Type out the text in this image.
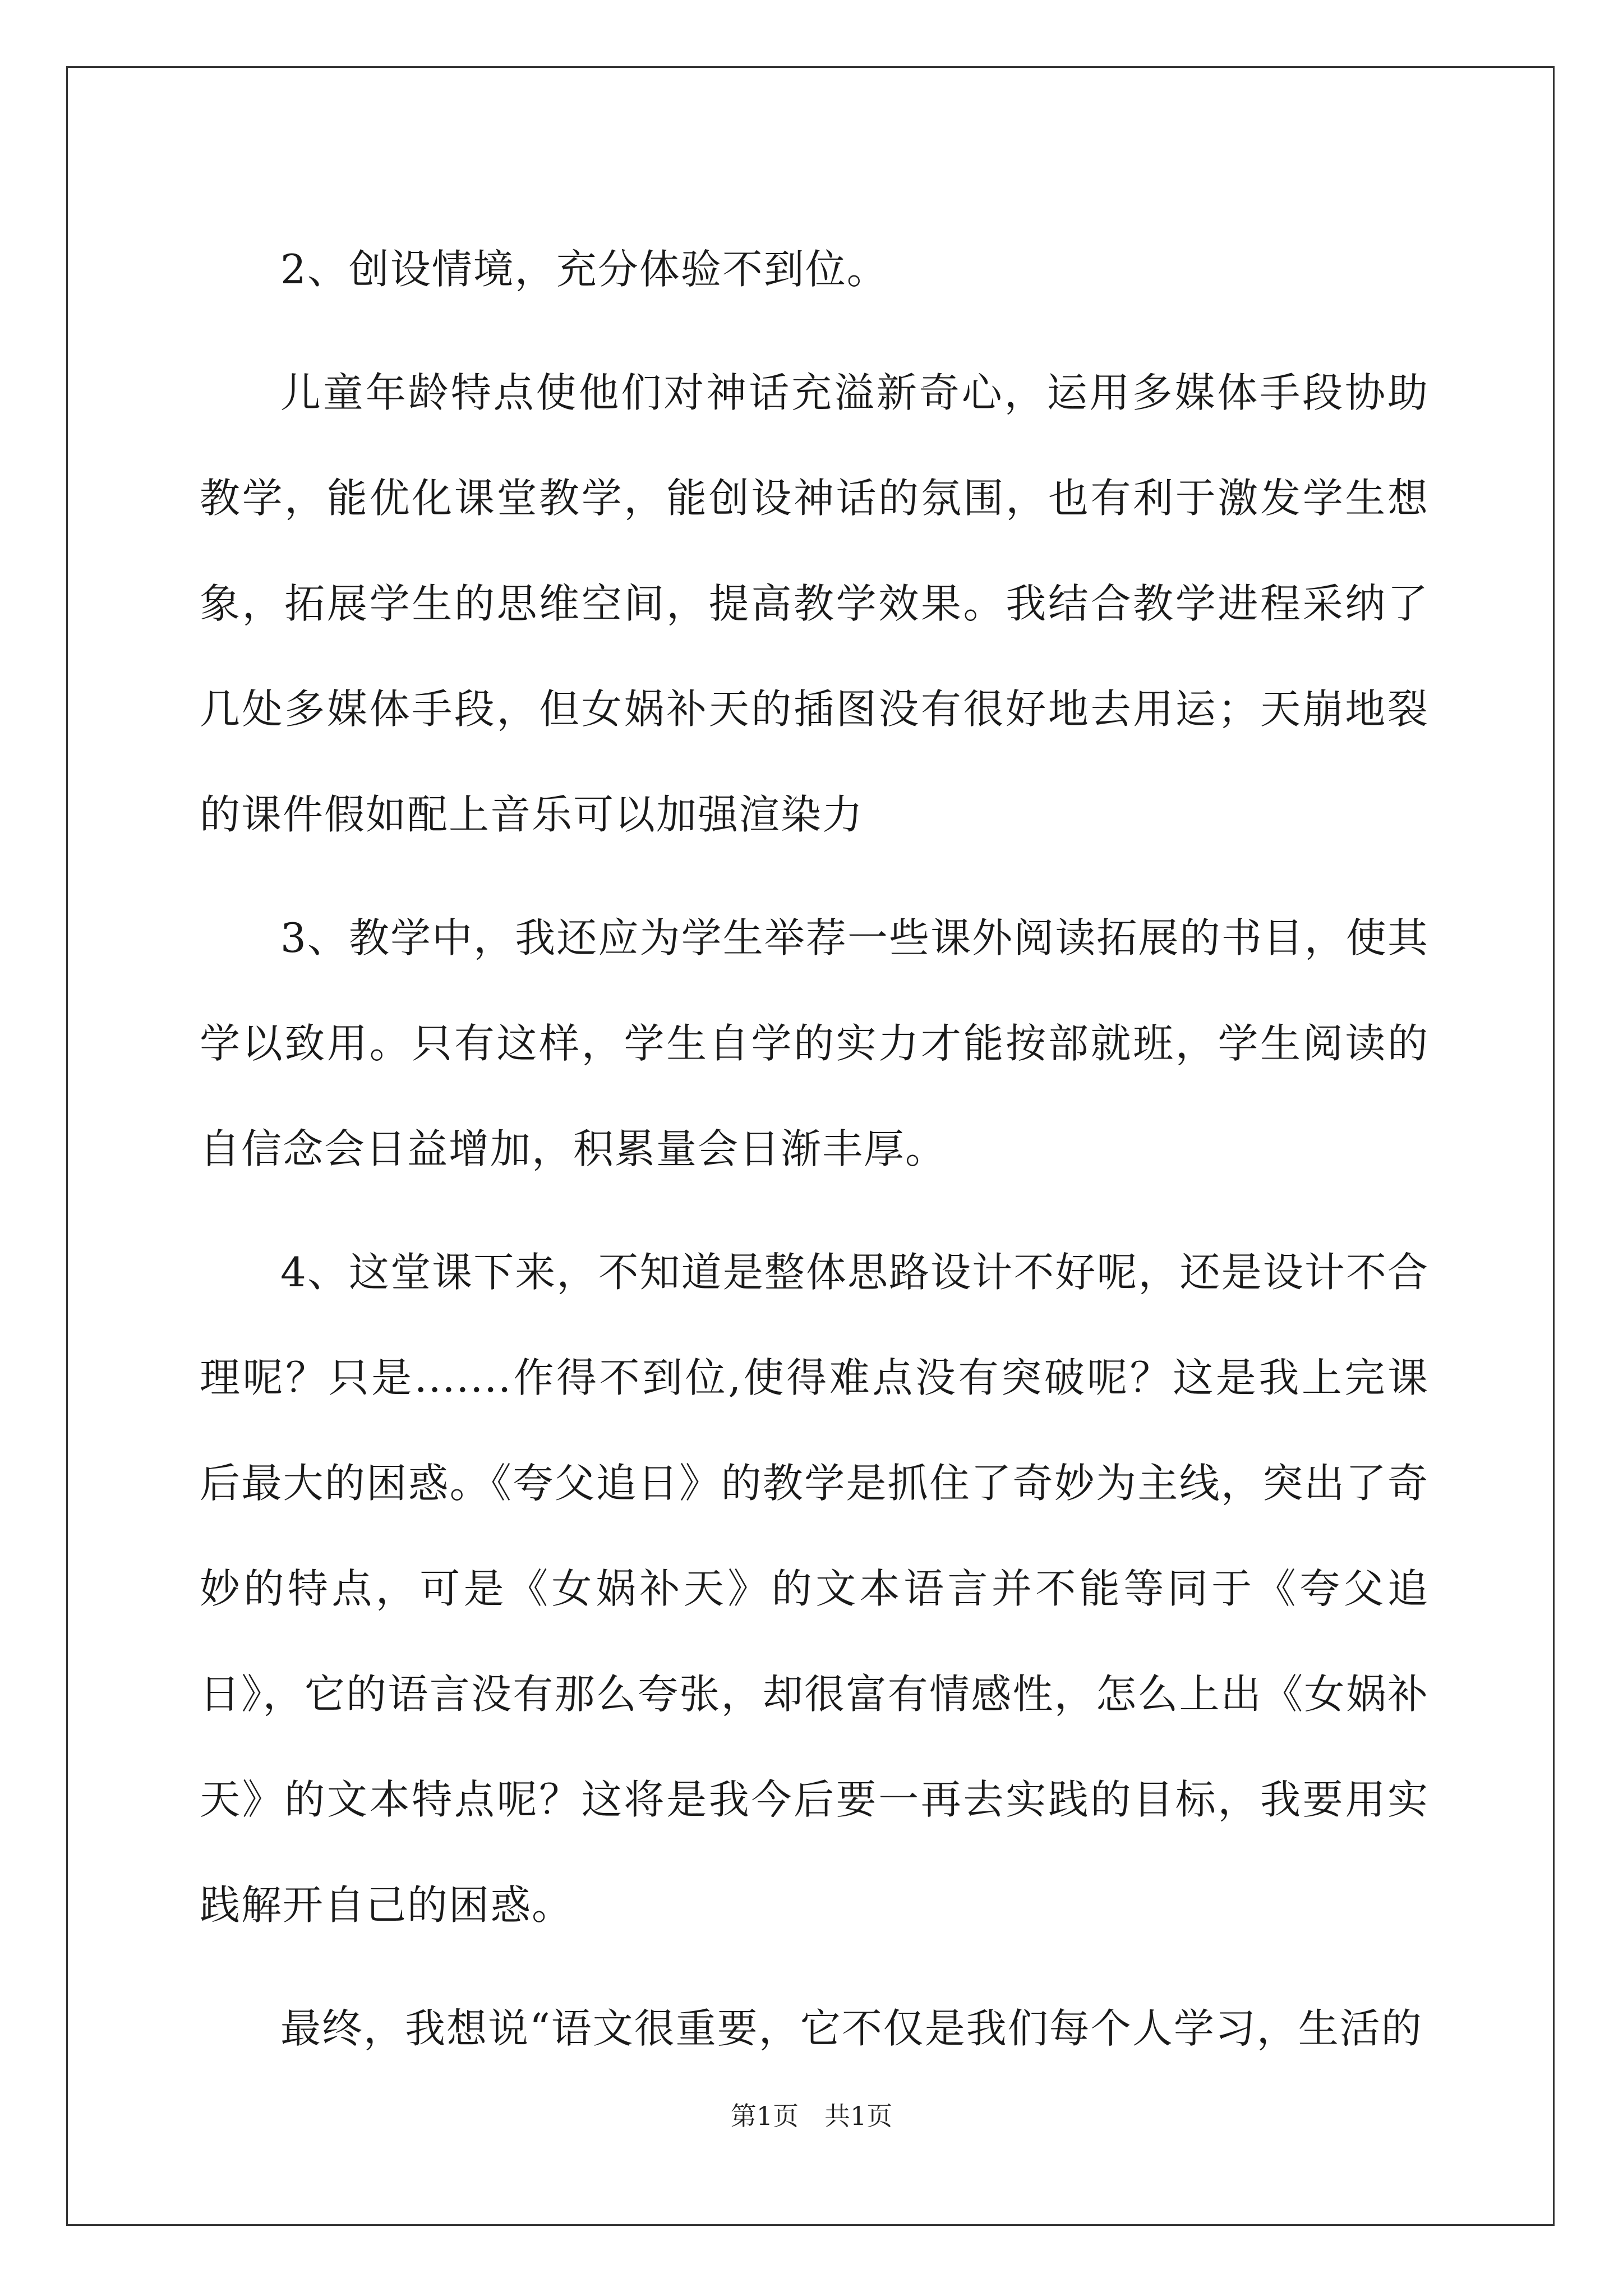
2、创设情境，充分体验不到位。

儿童年龄特点使他们对神话充溢新奇心，运用多媒体手段协助教学，能优化课堂教学，能创设神话的氛围，也有利于激发学生想象，拓展学生的思维空间，提高教学效果。我结合教学进程采纳了几处多媒体手段，但女娲补天的插图没有很好地去用运；天崩地裂的课件假如配上音乐可以加强渲染力

3、教学中，我还应为学生举荐一些课外阅读拓展的书目，使其学以致用。只有这样，学生自学的实力才能按部就班，学生阅读的自信念会日益增加，积累量会日渐丰厚。

4、这堂课下来，不知道是整体思路设计不好呢，还是设计不合理呢？只是.......作得不到位,使得难点没有突破呢？这是我上完课后最大的困惑。《夸父追日》的教学是抓住了奇妙为主线，突出了奇妙的特点，可是《女娲补天》的文本语言并不能等同于《夸父追日》，它的语言没有那么夸张，却很富有情感性，怎么上出《女娲补天》的文本特点呢？这将是我今后要一再去实践的目标，我要用实践解开自己的困惑。

最终，我想说“语文很重要，它不仅是我们每个人学习，生活的

第1页　共1页
